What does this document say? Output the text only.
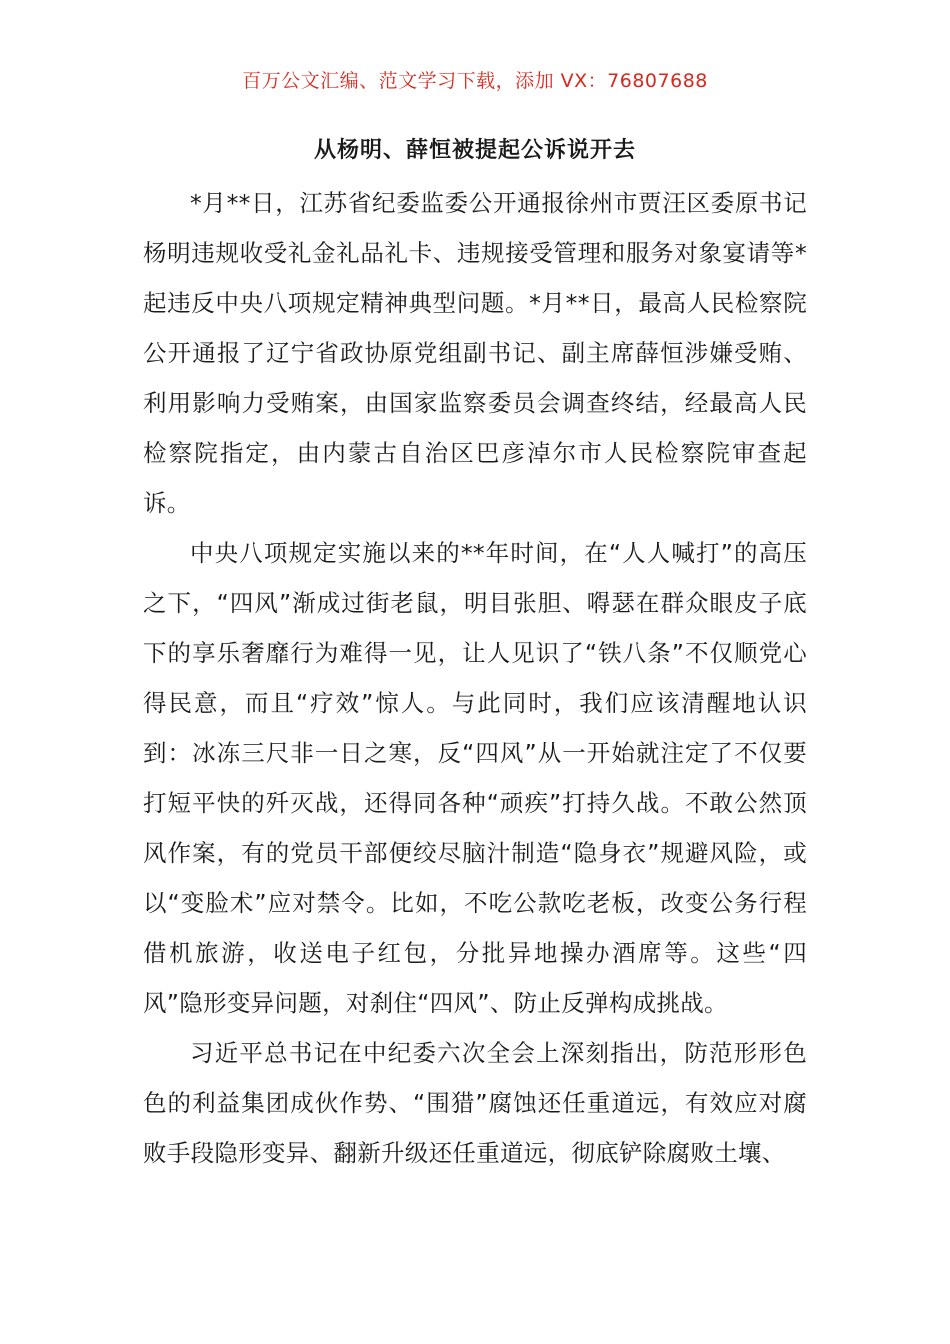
百万公文汇编、范文学习下载，添加 VX：76807688
从杨明、薛恒被提起公诉说开去

*月**日，江苏省纪委监委公开通报徐州市贾汪区委原书记杨明违规收受礼金礼品礼卡、违规接受管理和服务对象宴请等*起违反中央八项规定精神典型问题。*月**日，最高人民检察院公开通报了辽宁省政协原党组副书记、副主席薛恒涉嫌受贿、利用影响力受贿案，由国家监察委员会调查终结，经最高人民检察院指定，由内蒙古自治区巴彦淖尔市人民检察院审查起诉。

中央八项规定实施以来的**年时间，在“人人喊打”的高压之下，“四风”渐成过街老鼠，明目张胆、嘚瑟在群众眼皮子底下的享乐奢靡行为难得一见，让人见识了“铁八条”不仅顺党心得民意，而且“疗效”惊人。与此同时，我们应该清醒地认识到：冰冻三尺非一日之寒，反“四风”从一开始就注定了不仅要打短平快的歼灭战，还得同各种“顽疾”打持久战。不敢公然顶风作案，有的党员干部便绞尽脑汁制造“隐身衣”规避风险，或以“变脸术”应对禁令。比如，不吃公款吃老板，改变公务行程借机旅游，收送电子红包，分批异地操办酒席等。这些“四风”隐形变异问题，对刹住“四风”、防止反弹构成挑战。

习近平总书记在中纪委六次全会上深刻指出，防范形形色色的利益集团成伙作势、“围猎”腐蚀还任重道远，有效应对腐败手段隐形变异、翻新升级还任重道远，彻底铲除腐败土壤、
